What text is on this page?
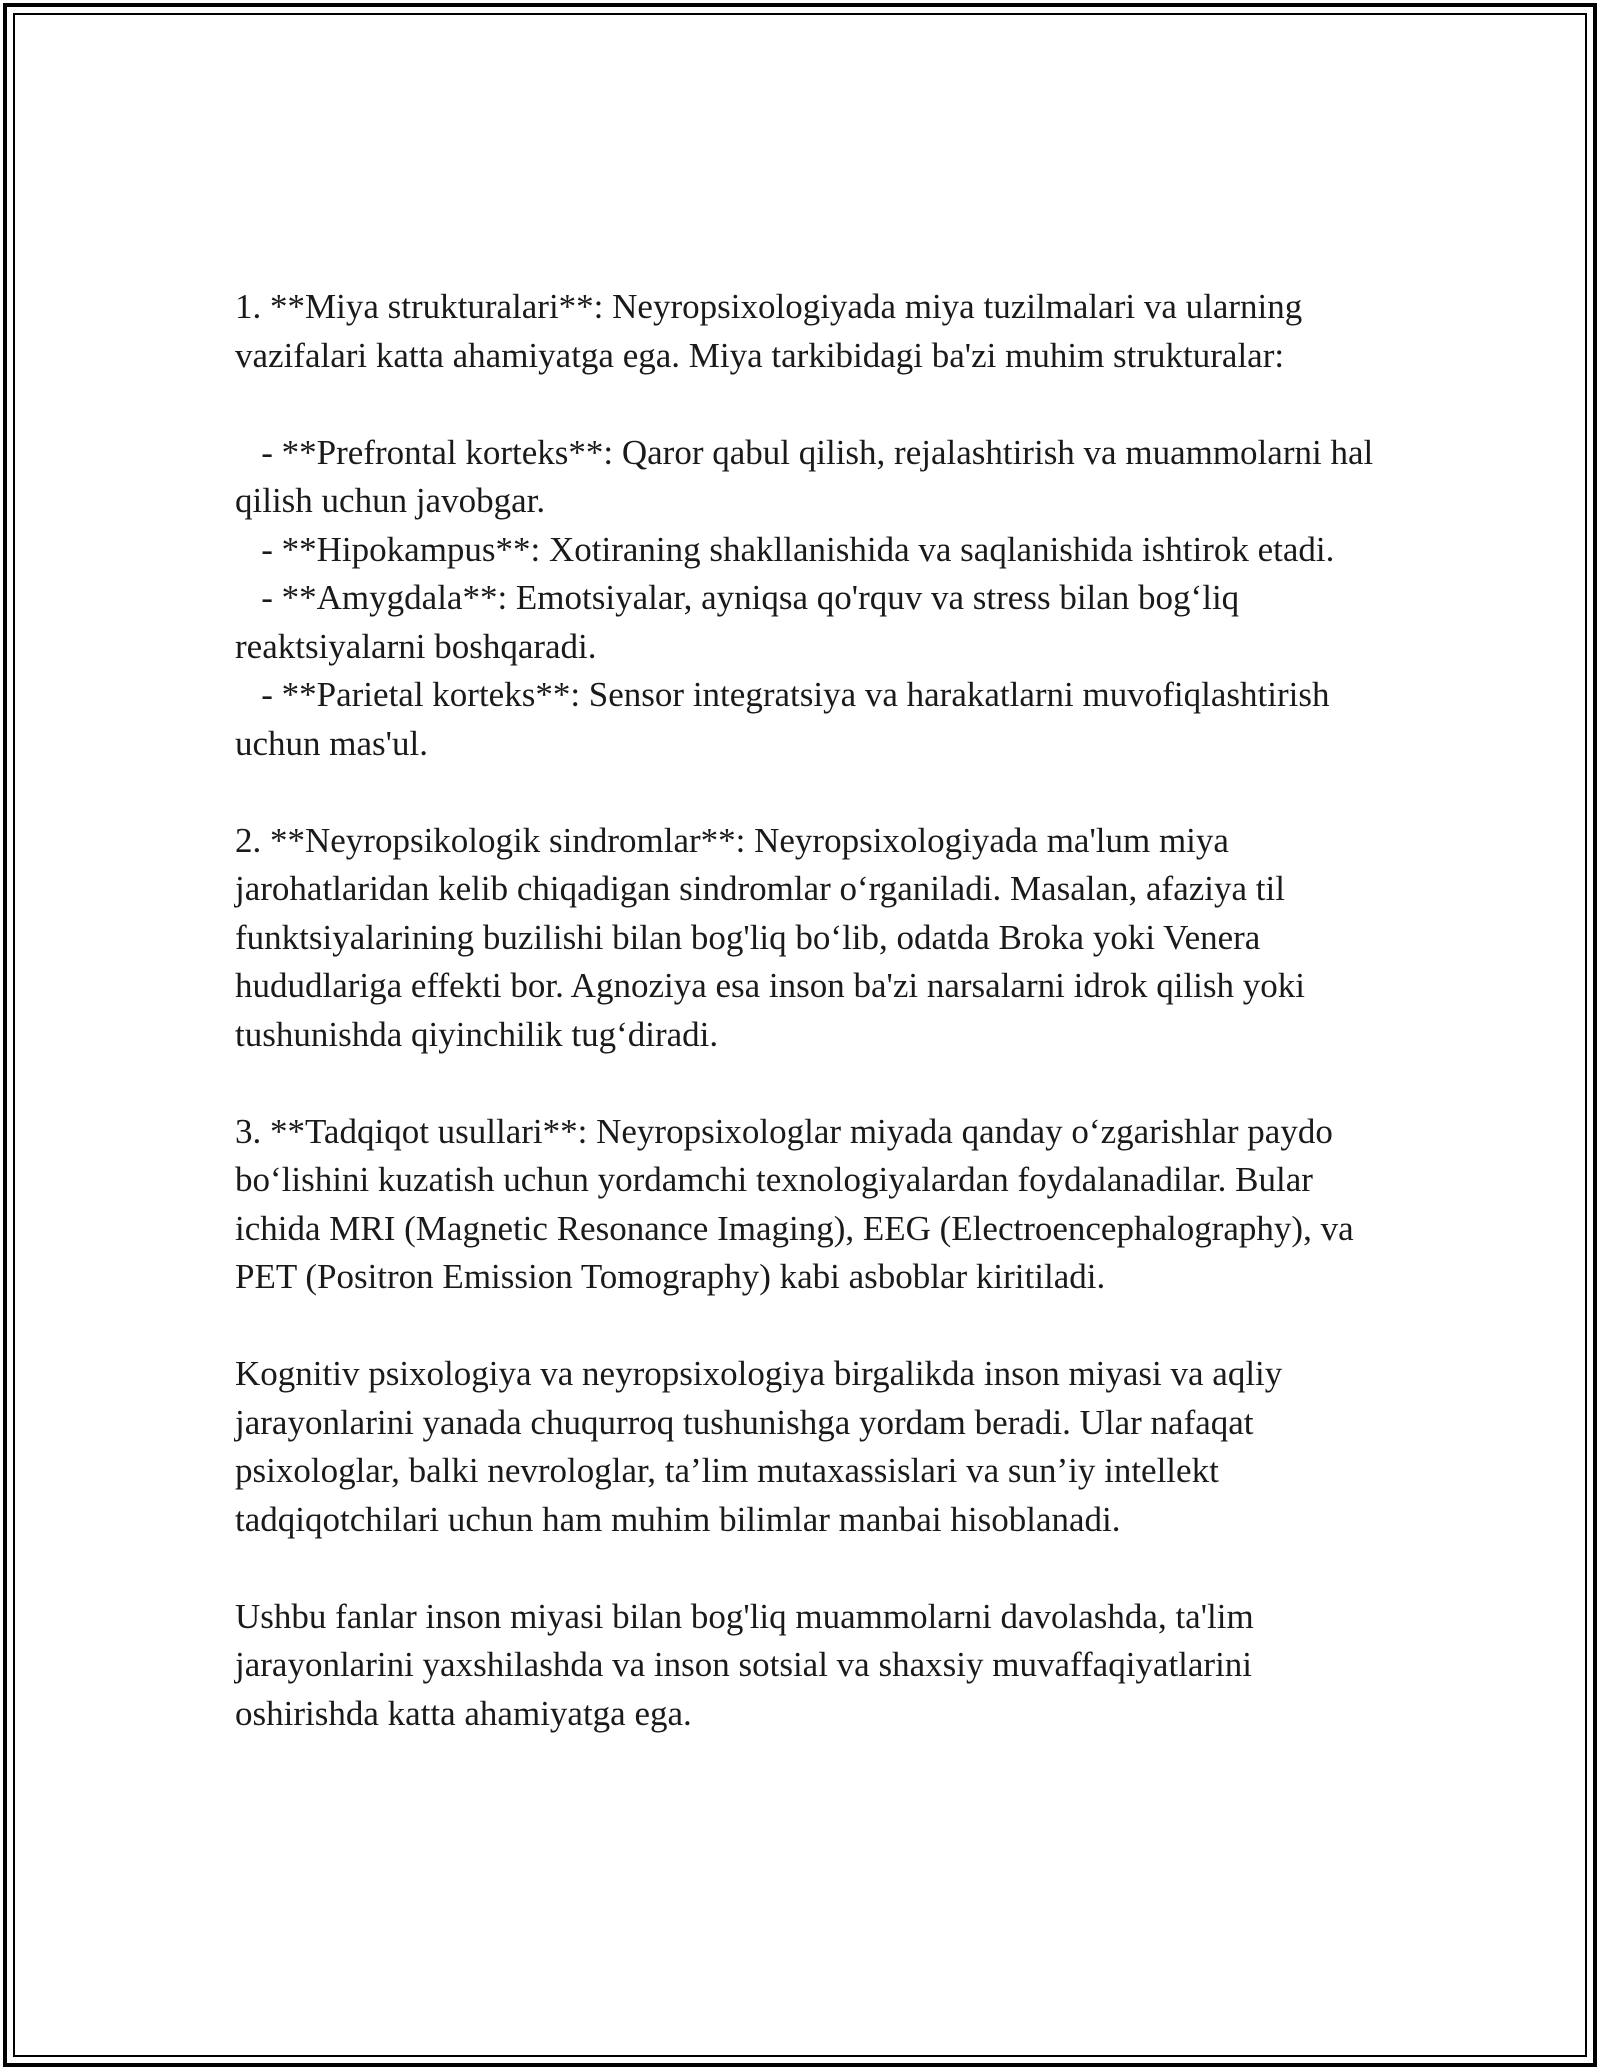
1. **Miya strukturalari**: Neyropsixologiyada miya tuzilmalari va ularning vazifalari katta ahamiyatga ega. Miya tarkibidagi ba'zi muhim strukturalar:

- **Prefrontal korteks**: Qaror qabul qilish, rejalashtirish va muammolarni hal qilish uchun javobgar.
- **Hipokampus**: Xotiraning shakllanishida va saqlanishida ishtirok etadi.
- **Amygdala**: Emotsiyalar, ayniqsa qo'rquv va stress bilan bog‘liq reaktsiyalarni boshqaradi.
- **Parietal korteks**: Sensor integratsiya va harakatlarni muvofiqlashtirish uchun mas'ul.

2. **Neyropsikologik sindromlar**: Neyropsixologiyada ma'lum miya jarohatlaridan kelib chiqadigan sindromlar o‘rganiladi. Masalan, afaziya til funktsiyalarining buzilishi bilan bog'liq bo‘lib, odatda Broka yoki Venera hududlariga effekti bor. Agnoziya esa inson ba'zi narsalarni idrok qilish yoki tushunishda qiyinchilik tug‘diradi.

3. **Tadqiqot usullari**: Neyropsixologlar miyada qanday o‘zgarishlar paydo bo‘lishini kuzatish uchun yordamchi texnologiyalardan foydalanadilar. Bular ichida MRI (Magnetic Resonance Imaging), EEG (Electroencephalography), va PET (Positron Emission Tomography) kabi asboblar kiritiladi.

Kognitiv psixologiya va neyropsixologiya birgalikda inson miyasi va aqliy jarayonlarini yanada chuqurroq tushunishga yordam beradi. Ular nafaqat psixologlar, balki nevrologlar, ta’lim mutaxassislari va sun’iy intellekt tadqiqotchilari uchun ham muhim bilimlar manbai hisoblanadi.

Ushbu fanlar inson miyasi bilan bog'liq muammolarni davolashda, ta'lim jarayonlarini yaxshilashda va inson sotsial va shaxsiy muvaffaqiyatlarini oshirishda katta ahamiyatga ega.
